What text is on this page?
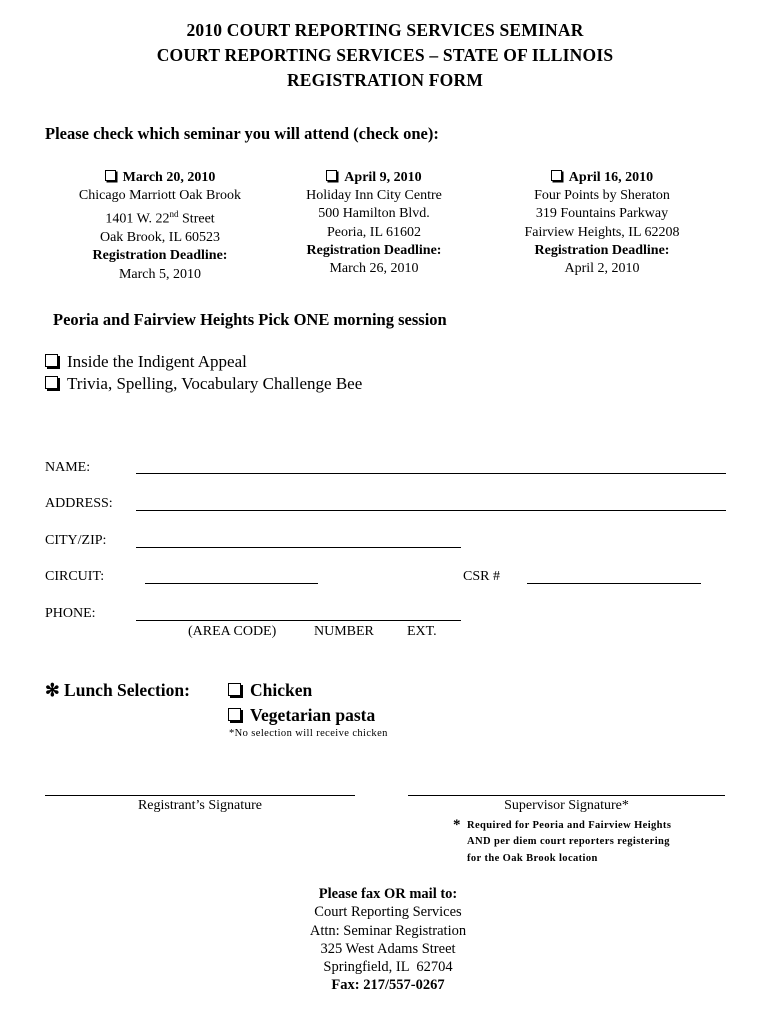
2010 COURT REPORTING SERVICES SEMINAR
COURT REPORTING SERVICES – STATE OF ILLINOIS
REGISTRATION FORM
Please check which seminar you will attend (check one):
March 20, 2010
Chicago Marriott Oak Brook
1401 W. 22nd Street
Oak Brook, IL 60523
Registration Deadline:
March 5, 2010
April 9, 2010
Holiday Inn City Centre
500 Hamilton Blvd.
Peoria, IL 61602
Registration Deadline:
March 26, 2010
April 16, 2010
Four Points by Sheraton
319 Fountains Parkway
Fairview Heights, IL 62208
Registration Deadline:
April 2, 2010
Peoria and Fairview Heights Pick ONE morning session
Inside the Indigent Appeal
Trivia, Spelling, Vocabulary Challenge Bee
NAME:
ADDRESS:
CITY/ZIP:
CIRCUIT:	CSR #
PHONE:
(AREA CODE)	NUMBER EXT.
✻ Lunch Selection:	Chicken
Vegetarian pasta
*No selection will receive chicken
Registrant’s Signature	Supervisor Signature*
* Required for Peoria and Fairview Heights
AND per diem court reporters registering
for the Oak Brook location
Please fax OR mail to:
Court Reporting Services
Attn: Seminar Registration
325 West Adams Street
Springfield, IL  62704
Fax: 217/557-0267
